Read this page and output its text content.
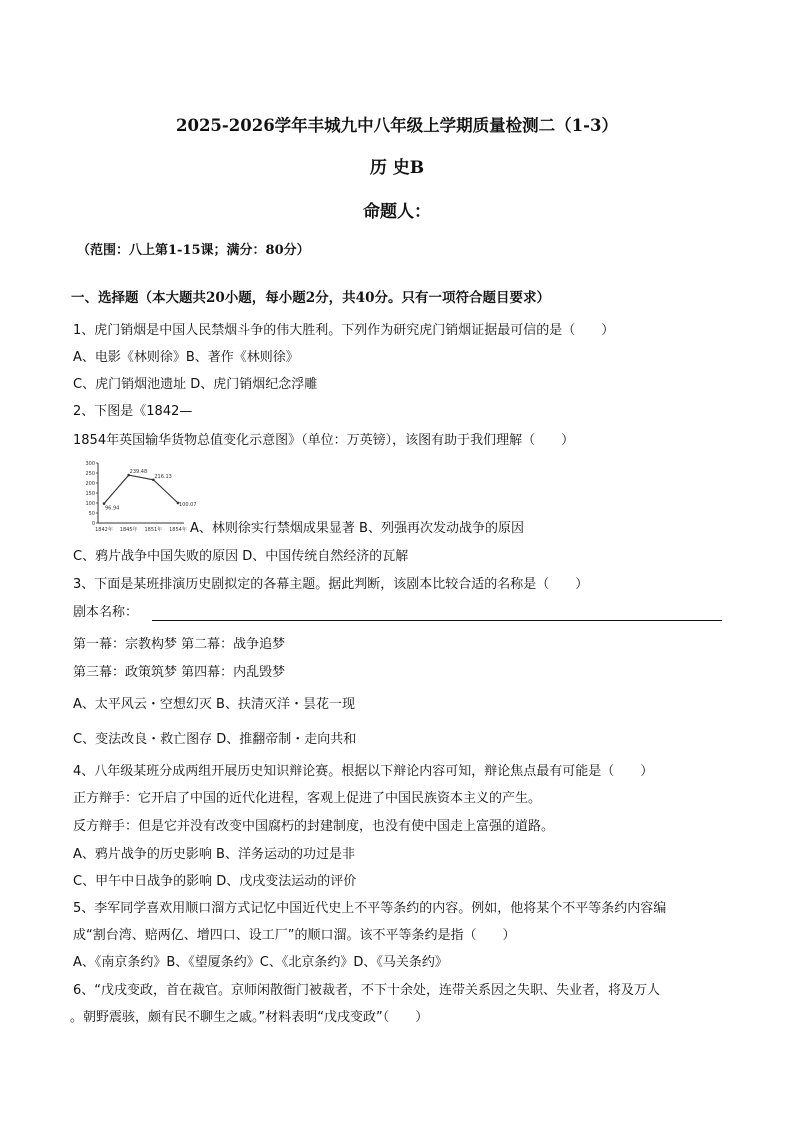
2025-2026学年丰城九中八年级上学期质量检测二（1-3）
历 史B
命题人：
（范围：八上第1-15课；满分：80分）
一、选择题（本大题共20小题，每小题2分，共40分。只有一项符合题目要求）
1、虎门销烟是中国人民禁烟斗争的伟大胜利。下列作为研究虎门销烟证据最可信的是（　　）
A、电影《林则徐》B、著作《林则徐》
C、虎门销烟池遗址 D、虎门销烟纪念浮雕
2、下图是《1842—
1854年英国输华货物总值变化示意图》（单位：万英镑），该图有助于我们理解（　　）
300
250
200
150
100
50
0
96.94
239.48
216.13
100.07
1842年 1845年 1851年 1854年 A、林则徐实行禁烟成果显著 B、列强再次发动战争的原因
C、鸦片战争中国失败的原因 D、中国传统自然经济的瓦解
3、下面是某班排演历史剧拟定的各幕主题。据此判断，该剧本比较合适的名称是（　　）
剧本名称：
第一幕：宗教构梦 第二幕：战争追梦
第三幕：政策筑梦 第四幕：内乱毁梦
A、太平风云・空想幻灭 B、扶清灭洋・昙花一现
C、变法改良・救亡图存 D、推翻帝制・走向共和
4、八年级某班分成两组开展历史知识辩论赛。根据以下辩论内容可知，辩论焦点最有可能是（　　）
正方辩手：它开启了中国的近代化进程，客观上促进了中国民族资本主义的产生。
反方辩手：但是它并没有改变中国腐朽的封建制度，也没有使中国走上富强的道路。
A、鸦片战争的历史影响 B、洋务运动的功过是非
C、甲午中日战争的影响 D、戊戌变法运动的评价
5、李军同学喜欢用顺口溜方式记忆中国近代史上不平等条约的内容。例如，他将某个不平等条约内容编
成“割台湾、赔两亿、增四口、设工厂”的顺口溜。该不平等条约是指（　　）
A、《南京条约》B、《望厦条约》C、《北京条约》D、《马关条约》
6、“戊戌变政，首在裁官。京师闲散衙门被裁者，不下十余处，连带关系因之失职、失业者，将及万人
。朝野震骇，颇有民不聊生之戚。”材料表明“戊戌变政”（　　）
